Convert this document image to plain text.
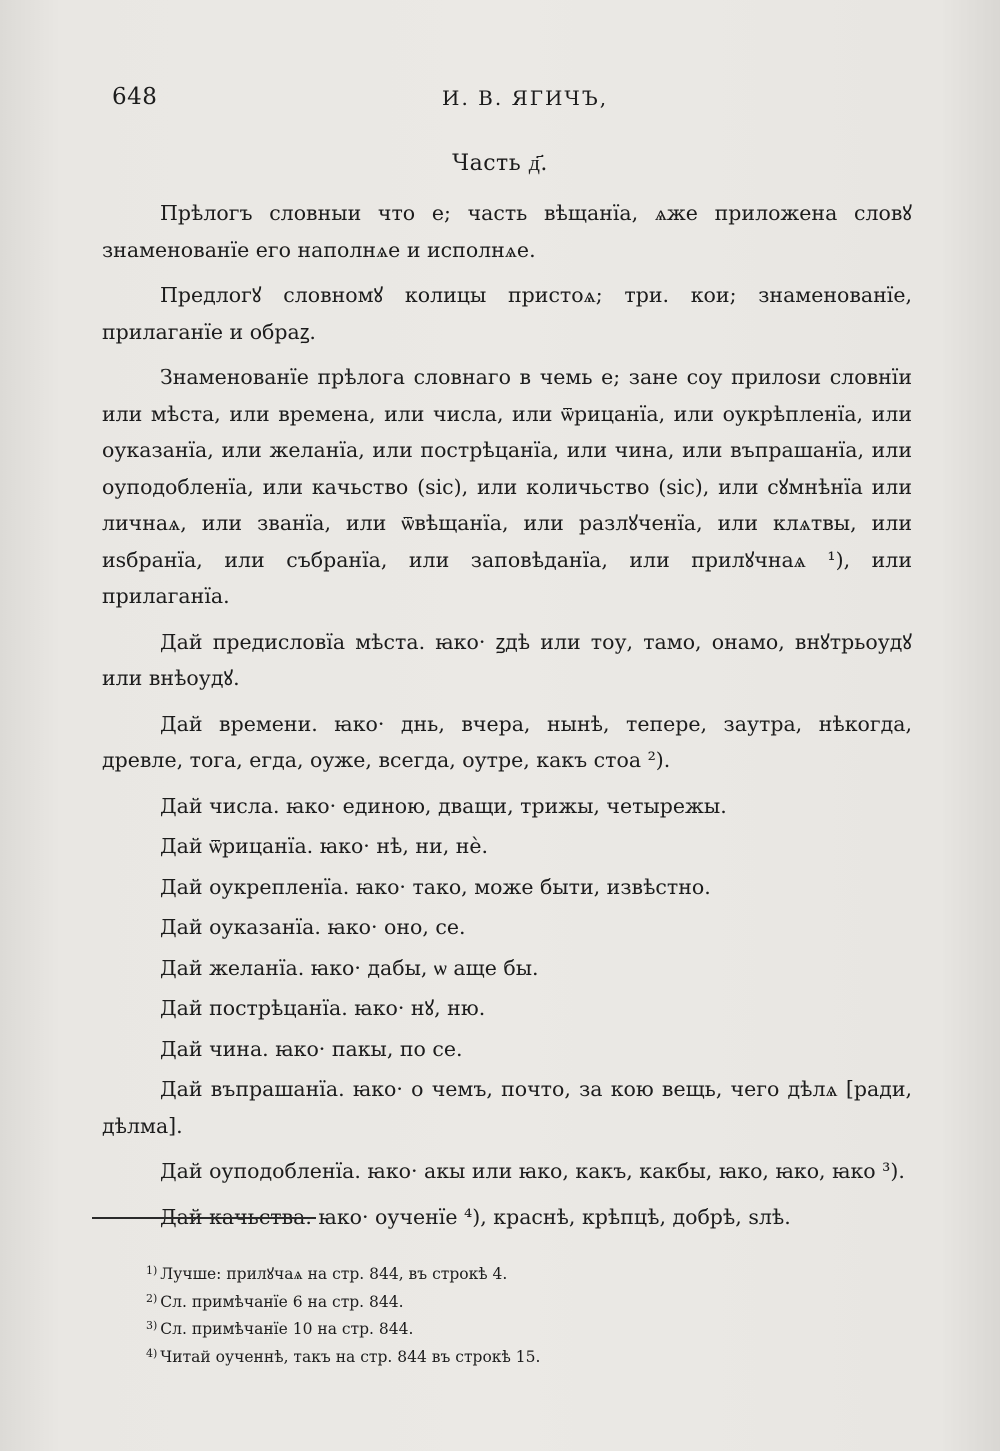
648	И. В. ЯГИЧЪ,
Часть д҃.

Прѣлогъ словныи что е; часть вѣщанїа, ѧже приложена словꙋ знаменованїе его наполнѧе и исполнѧе.

Предлогꙋ словномꙋ колицы пристоѧ; три. кои; знаменованїе, прилаганїе и обраꙁ.

Знаменованїе прѣлога словнаго в чемь е; зане соу прилоѕи словнїи или мѣста, или времена, или числа, или ѿрицанїа, или оукрѣпленїа, или оуказанїа, или желанїа, или пострѣцанїа, или чина, или въпрашанїа, или оуподобленїа, или качьство (sic), или количьство (sic), или сꙋмнѣнїа или личнаѧ, или званїа, или ѿвѣщанїа, или разлꙋченїа, или клѧтвы, или иѕбранїа, или събранїа, или заповѣданїа, или прилꙋчнаѧ ¹), или прилаганїа.

Дай предисловїа мѣста. ꙗко· ꙁдѣ или тоу, тамо, онамо, внꙋтрьоудꙋ или внѣоудꙋ.

Дай времени. ꙗко· днь, вчера, нынѣ, тепере, заутра, нѣкогда, древле, тога, егда, оуже, всегда, оутре, какъ стоа ²).

Дай числа. ꙗко· единою, дващи, трижы, четырежы.

Дай ѿрицанїа. ꙗко· нѣ, ни, нѐ.

Дай оукрепленїа. ꙗко· тако, може быти, извѣстно.

Дай оуказанїа. ꙗко· оно, се.

Дай желанїа. ꙗко· дабы, ѡ аще бы.

Дай пострѣцанїа. ꙗко· нꙋ, ню.

Дай чина. ꙗко· пакы, по се.

Дай въпрашанїа. ꙗко· о чемъ, почто, за кою вещь, чего дѣлѧ [ради, дѣлма].

Дай оуподобленїа. ꙗко· акы или ꙗко, какъ, какбы, ꙗко, ꙗко, ꙗко ³).

Дай качьства. ꙗко· оученїе ⁴), краснѣ, крѣпцѣ, добрѣ, ѕлѣ.

$^{1)}$ Лучше: прилꙋчаѧ на стр. 844, въ строкѣ 4.
$^{2)}$ Сл. примѣчанїе 6 на стр. 844.
$^{3)}$ Сл. примѣчанїе 10 на стр. 844.
$^{4)}$ Читай оученнѣ, такъ на стр. 844 въ строкѣ 15.
